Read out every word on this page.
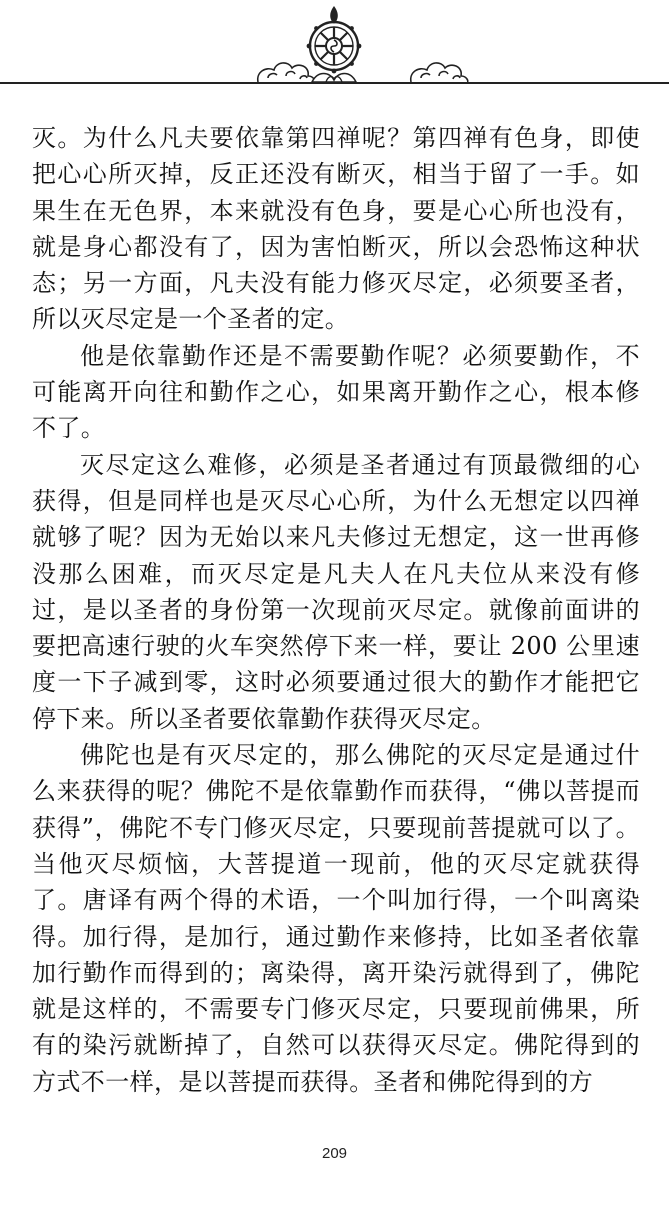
灭。为什么凡夫要依靠第四禅呢？第四禅有色身，即使把心心所灭掉，反正还没有断灭，相当于留了一手。如果生在无色界，本来就没有色身，要是心心所也没有，就是身心都没有了，因为害怕断灭，所以会恐怖这种状态；另一方面，凡夫没有能力修灭尽定，必须要圣者，所以灭尽定是一个圣者的定。

他是依靠勤作还是不需要勤作呢？必须要勤作，不可能离开向往和勤作之心，如果离开勤作之心，根本修不了。

灭尽定这么难修，必须是圣者通过有顶最微细的心获得，但是同样也是灭尽心心所，为什么无想定以四禅就够了呢？因为无始以来凡夫修过无想定，这一世再修没那么困难，而灭尽定是凡夫人在凡夫位从来没有修过，是以圣者的身份第一次现前灭尽定。就像前面讲的要把高速行驶的火车突然停下来一样，要让 200 公里速度一下子减到零，这时必须要通过很大的勤作才能把它停下来。所以圣者要依靠勤作获得灭尽定。

佛陀也是有灭尽定的，那么佛陀的灭尽定是通过什么来获得的呢？佛陀不是依靠勤作而获得，“佛以菩提而获得”，佛陀不专门修灭尽定，只要现前菩提就可以了。当他灭尽烦恼，大菩提道一现前，他的灭尽定就获得了。唐译有两个得的术语，一个叫加行得，一个叫离染得。加行得，是加行，通过勤作来修持，比如圣者依靠加行勤作而得到的；离染得，离开染污就得到了，佛陀就是这样的，不需要专门修灭尽定，只要现前佛果，所有的染污就断掉了，自然可以获得灭尽定。佛陀得到的方式不一样，是以菩提而获得。圣者和佛陀得到的方

209
